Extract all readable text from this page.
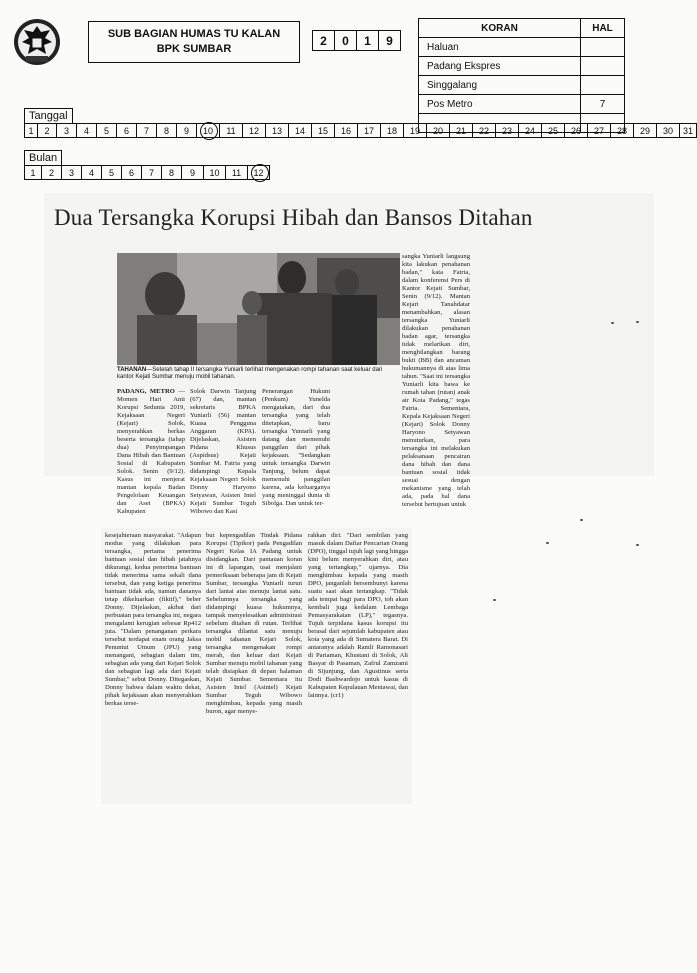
SUB BAGIAN HUMAS TU KALAN
BPK SUMBAR
2	0	1	9
KORAN	HAL
Haluan
Padang Ekspres
Singgalang
Pos Metro	7
Tanggal
1	2	3	4	5	6	7	8	9	10	11	12	13	14	15	16	17	18	19	20	21	22	23	24	25	26	27	28	29	30	31
Bulan
1	2	3	4	5	6	7	8	9	10	11	12
Dua Tersangka Korupsi Hibah dan Bansos Ditahan
TAHANAN—Setelah tahap II tersangka Yuniarli terlihat mengenakan rompi tahanan saat keluar dari kantor Kejati Sumbar menuju mobil tahanan.
PADANG, METRO — Momen Hari Anti Korupsi Sedunia 2019, Kejaksaan Negeri (Kejari) Solok, menyerahkan berkas beserta tersangka (tahap dua) Penyimpangan Dana Hibah dan Bantuan Sosial di Kabupaten Solok. Senin (9/12). Kasus ini menjerat mantan kepala Badan Pengelolaan Keuangan dan Aset (BPKA) Kabupaten
Solok Darwin Tanjung (67) dan, mantan sekretaris BPKA Yuniarli (56) mantan Kuasa Pengguna Anggaran (KPA). Dijelaskan, Asisten Pidana Khusus (Aspidsus) Kejati Sumbar M. Fatria yang didampingi Kepala Kejaksaan Negeri Solok Donny Haryono Setyawan, Asisten Intel Kejati Sumbar Teguh Wibowo dan Kasi
Penerangan Hukum (Penkum) Yunelda mengatakan, dari dua tersangka yang telah ditetapkan, baru tersangka Yuniarli yang datang dan memenuhi panggilan dari pihak kejaksaan. "Sedangkan untuk tersangka Darwin Tanjung, belum dapat memenuhi panggilan karena, ada keluarganya yang meninggal dunia di Sibolga. Dan untuk ter-
sangka Yuniarli langsung kita lakukan penahanan badan," kata Fatria, dalam konferensi Pers di Kantor Kejati Sumbar, Senin (9/12). Mantan Kejari Tanahdatar menambahkan, alasan tersangka Yuniarli dilakukan penahanan badan agar, tersangka tidak melarikan diri, menghilangkan barang bukti (BB) dan ancaman hukumannya di atas lima tahun. "Saat ini tersangka Yuniarli kita bawa ke rumah tahan (rutan) anak air Kota Padang," tegas Fatria. Sementara, Kepala Kejaksaan Negeri (Kejari) Solok Donny Haryono Setyawan menuturkan, para tersangka ini melakukan pelaksanaan pencairan dana hibah dan dana bantuan sosial tidak sesuai dengan mekanisme yang telah ada, pada hal dana tersebut bertujuan untuk
kesejahteraan masyarakat. "Adapun modus yang dilakukan para tersangka, pertama penerima bantuan sosial dan hibah jatahnya dikurangi, kedua penerima bantuan tidak menerima sama sekali dana tersebut, dan yang ketiga penerima bantuan tidak ada, namun dananya tetap dikeluarkan (fiktif)," beber Donny. Dijelaskan, akibat dari perbuatan para tersangka ini, negara mengalami kerugian sebesar Rp412 juta. "Dalam penanganan perkara tersebut terdapat enam orang Jaksa Penuntut Umum (JPU) yang menangani, sebagian dalam tim, sebagian ada yang dari Kejari Solok dan sebagian lagi ada dari Kejati Sumbar," sebut Donny. Ditegaskan, Donny bahwa dalam waktu dekat, pihak kejaksaan akan menyerahkan berkas terse-
but kepengadilan Tindak Pidana Korupsi (Tipikor) pada Pengadilan Negeri Kelas IA Padang untuk disidangkan. Dari pantauan koran ini di lapangan, usai menjalani pemeriksaan beberapa jam di Kejati Sumbar, tersangka Yuniarli turun dari lantai atas menuju lantai satu. Sebelumnya tersangka yang didampingi kuasa hukumnya, tampak menyelesaikan administrasi sebelum ditahan di rutan. Terlihat tersangka dilantai satu menuju mobil tahanan Kejari Solok, tersangka mengenakan rompi merah, dan keluar dari Kejati Sumbar menuju mobil tahanan yang telah disiapkan di depan halaman Kejati Sumbar. Sementara itu Asisten Intel (Asintel) Kejati Sumbar Teguh Wibowo menghimbau, kepada yang masih buron, agar menye-
rahkan diri. "Dari sembilan yang masuk dalam Daftar Pencarian Orang (DPO), tinggal tujuh lagi yang hingga kini belum menyerahkan diri, atau yang tertangkap," ujarnya. Dia menghimbau kepada yang masih DPO, janganlah bersembunyi karena suatu saat akan tertangkap. "Tidak ada tempat bagi para DPO, toh akan kembali juga kedalam Lembaga Pemasyarakatan (LP)," tegasnya. Tujuh terpidana kasus korupsi itu berasal dari sejumlah kabupaten atau kota yang ada di Sumatera Barat. Di antaranya adalah Ramli Ramonasari di Pariaman, Khustani di Solok, Ali Basyar di Pasaman, Zafrul Zamzami di Sijunjung, dan Agustinus serta Dodi Bashwardojo untuk kasus di Kabupaten Kepulauan Mentawai, dan lainnya. (cr1)
